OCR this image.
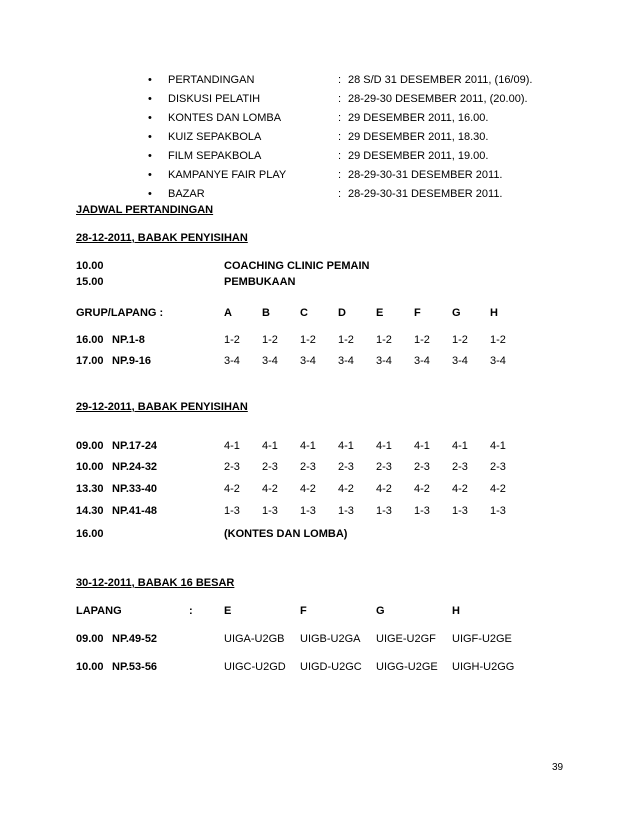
• PERTANDINGAN	: 28 S/D 31 DESEMBER 2011, (16/09).
• DISKUSI PELATIH	: 28-29-30 DESEMBER 2011, (20.00).
• KONTES DAN LOMBA	: 29 DESEMBER 2011, 16.00.
• KUIZ SEPAKBOLA	: 29 DESEMBER 2011, 18.30.
• FILM SEPAKBOLA	: 29 DESEMBER 2011, 19.00.
• KAMPANYE FAIR PLAY	: 28-29-30-31 DESEMBER 2011.
• BAZAR	: 28-29-30-31 DESEMBER 2011.
JADWAL PERTANDINGAN
28-12-2011, BABAK PENYISIHAN
10.00	COACHING CLINIC PEMAIN
15.00	PEMBUKAAN
GRUP/LAPANG :	A	B	C	D	E	F	G	H
16.00 NP.1-8	1-2 1-2 1-2 1-2 1-2 1-2 1-2 1-2
17.00 NP.9-16	3-4 3-4 3-4 3-4 3-4 3-4 3-4 3-4
29-12-2011, BABAK PENYISIHAN
09.00 NP.17-24	4-1 4-1 4-1 4-1 4-1 4-1 4-1 4-1
10.00 NP.24-32	2-3 2-3 2-3 2-3 2-3 2-3 2-3 2-3
13.30 NP.33-40	4-2 4-2 4-2 4-2 4-2 4-2 4-2 4-2
14.30 NP.41-48	1-3 1-3 1-3 1-3 1-3 1-3 1-3 1-3
16.00	(KONTES DAN LOMBA)
30-12-2011, BABAK 16 BESAR
LAPANG	:	E	F	G	H
09.00 NP.49-52	UIGA-U2GB UIGB-U2GA UIGE-U2GF UIGF-U2GE
10.00 NP.53-56	UIGC-U2GD UIGD-U2GC UIGG-U2GE UIGH-U2GG
39
